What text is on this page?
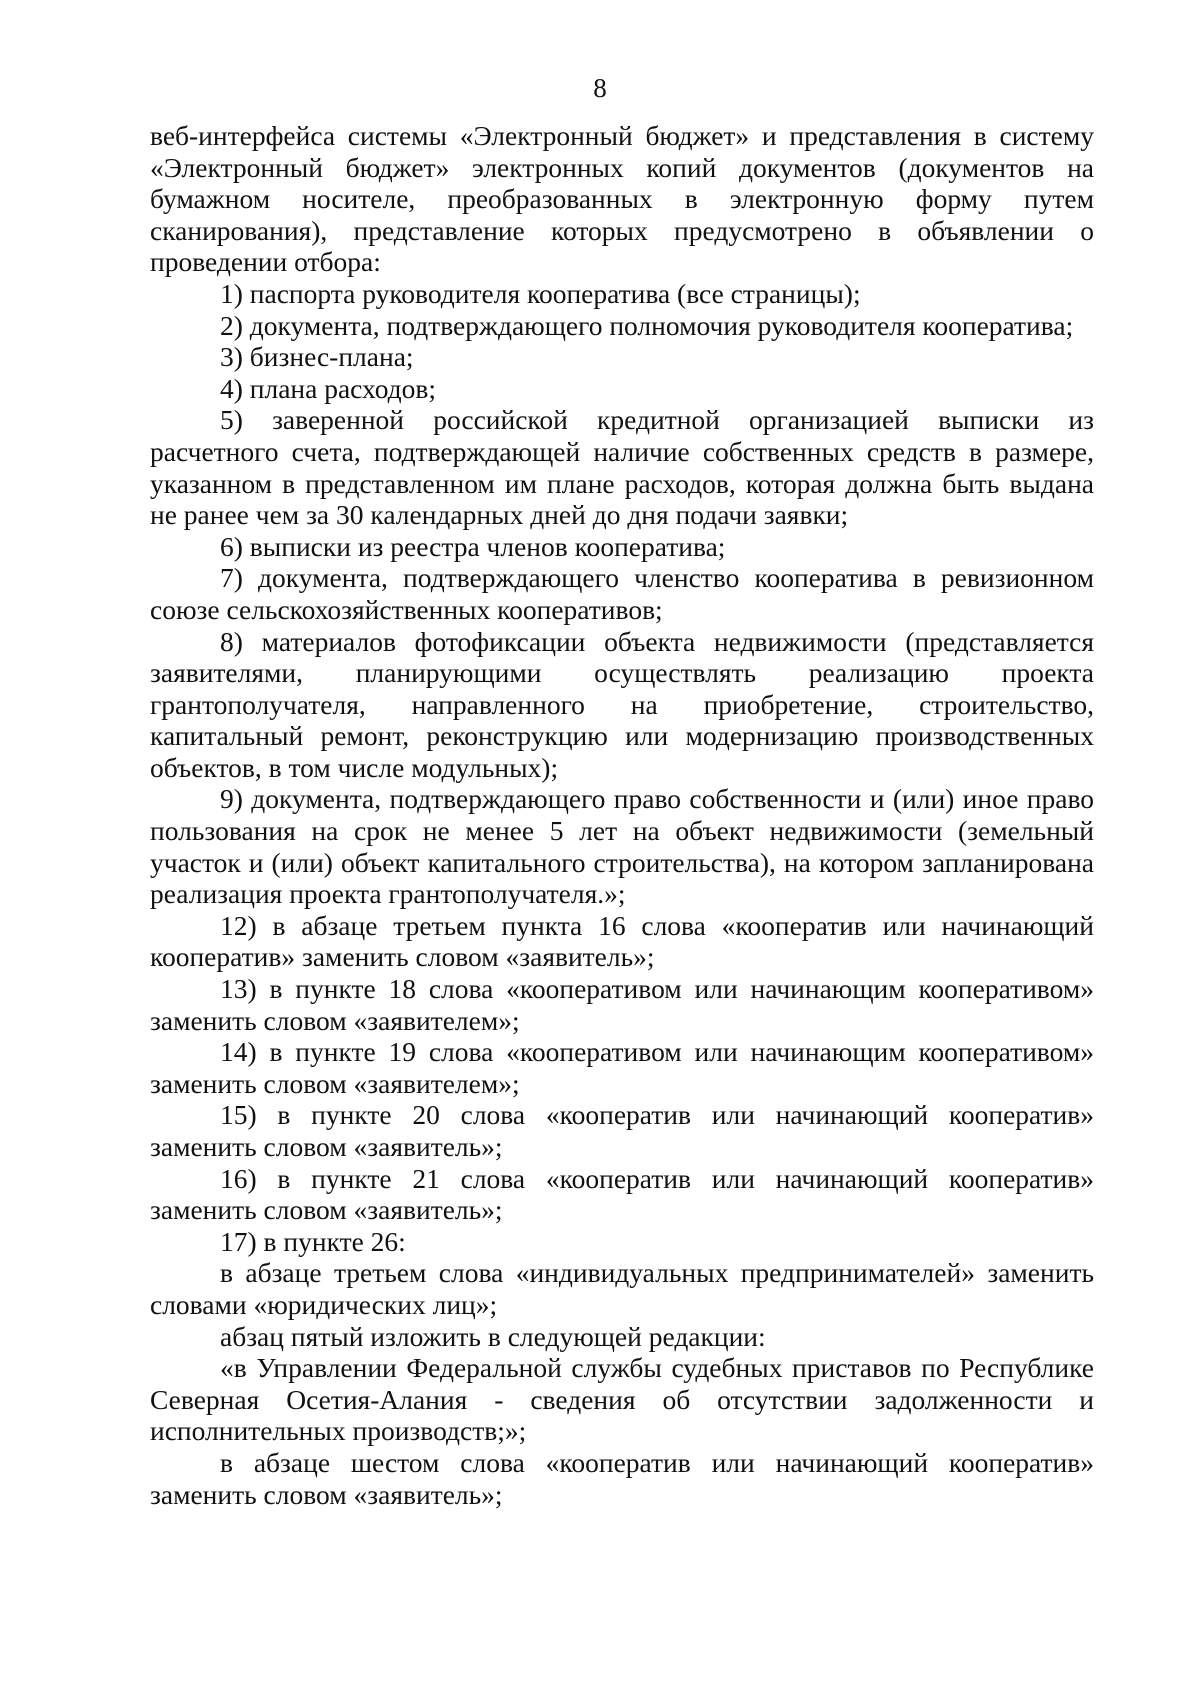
8

веб-интерфейса системы «Электронный бюджет» и представления в систему «Электронный бюджет» электронных копий документов (документов на бумажном носителе, преобразованных в электронную форму путем сканирования), представление которых предусмотрено в объявлении о проведении отбора:

1) паспорта руководителя кооператива (все страницы);

2) документа, подтверждающего полномочия руководителя кооператива;

3) бизнес-плана;

4) плана расходов;

5) заверенной российской кредитной организацией выписки из расчетного счета, подтверждающей наличие собственных средств в размере, указанном в представленном им плане расходов, которая должна быть выдана не ранее чем за 30 календарных дней до дня подачи заявки;

6) выписки из реестра членов кооператива;

7) документа, подтверждающего членство кооператива в ревизионном союзе сельскохозяйственных кооперативов;

8) материалов фотофиксации объекта недвижимости (представляется заявителями, планирующими осуществлять реализацию проекта грантополучателя, направленного на приобретение, строительство, капитальный ремонт, реконструкцию или модернизацию производственных объектов, в том числе модульных);

9) документа, подтверждающего право собственности и (или) иное право пользования на срок не менее 5 лет на объект недвижимости (земельный участок и (или) объект капитального строительства), на котором запланирована реализация проекта грантополучателя.»;

12) в абзаце третьем пункта 16 слова «кооператив или начинающий кооператив» заменить словом «заявитель»;

13) в пункте 18 слова «кооперативом или начинающим кооперативом» заменить словом «заявителем»;

14) в пункте 19 слова «кооперативом или начинающим кооперативом» заменить словом «заявителем»;

15) в пункте 20 слова «кооператив или начинающий кооператив» заменить словом «заявитель»;

16) в пункте 21 слова «кооператив или начинающий кооператив» заменить словом «заявитель»;

17) в пункте 26:

в абзаце третьем слова «индивидуальных предпринимателей» заменить словами «юридических лиц»;

абзац пятый изложить в следующей редакции:

«в Управлении Федеральной службы судебных приставов по Республике Северная Осетия-Алания - сведения об отсутствии задолженности и исполнительных производств;»;

в абзаце шестом слова «кооператив или начинающий кооператив» заменить словом «заявитель»;
